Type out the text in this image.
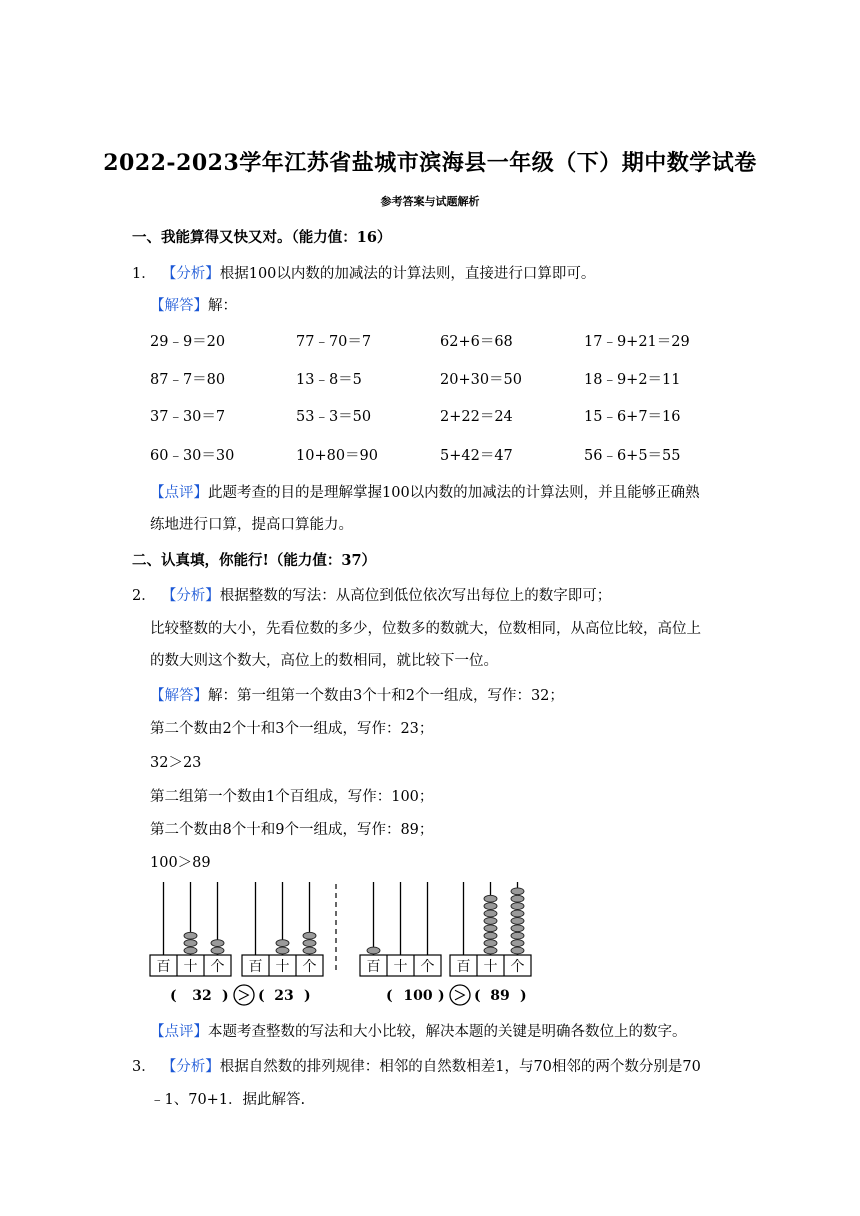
2022-2023学年江苏省盐城市滨海县一年级（下）期中数学试卷
参考答案与试题解析
一、我能算得又快又对。（能力值：16）
1． 【分析】根据100以内数的加减法的计算法则，直接进行口算即可。
【解答】解：
29﹣9＝20	77﹣70＝7	62+6＝68	17﹣9+21＝29
87﹣7＝80	13﹣8＝5	20+30＝50	18﹣9+2＝11
37﹣30＝7	53﹣3＝50	2+22＝24	15﹣6+7＝16
60﹣30＝30	10+80＝90	5+42＝47	56﹣6+5＝55
【点评】此题考查的目的是理解掌握100以内数的加减法的计算法则，并且能够正确熟
练地进行口算，提高口算能力。
二、认真填，你能行!（能力值：37）
2． 【分析】根据整数的写法：从高位到低位依次写出每位上的数字即可；
比较整数的大小，先看位数的多少，位数多的数就大，位数相同，从高位比较，高位上
的数大则这个数大，高位上的数相同，就比较下一位。
【解答】解：第一组第一个数由3个十和2个一组成，写作：32；
第二个数由2个十和3个一组成，写作：23；
32＞23
第二组第一个数由1个百组成，写作：100；
第二个数由8个十和9个一组成，写作：89；
100＞89
百 十 个 百 十 个	百 十 个 百 十 个
( 32 ) ＞ ( 23 )	( 100 ) ＞ ( 89 )
【点评】本题考查整数的写法和大小比较，解决本题的关键是明确各数位上的数字。
3． 【分析】根据自然数的排列规律：相邻的自然数相差1，与70相邻的两个数分别是70
﹣1、70+1．据此解答.
